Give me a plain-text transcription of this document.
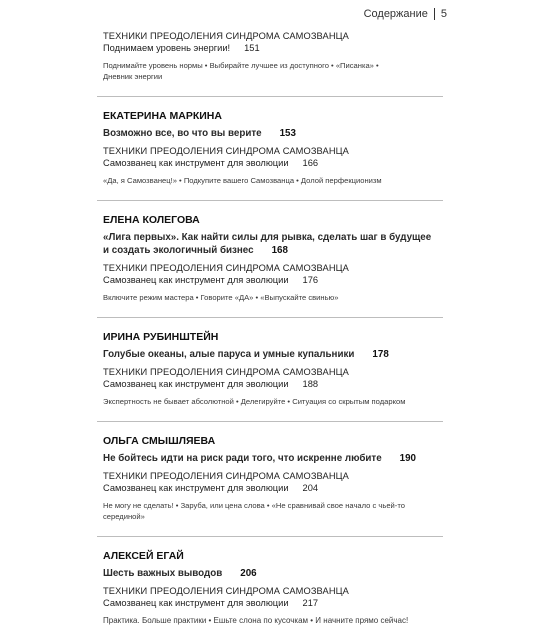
Содержание 5
ТЕХНИКИ ПРЕОДОЛЕНИЯ СИНДРОМА САМОЗВАНЦА
Поднимаем уровень энергии! 151
Поднимайте уровень нормы • Выбирайте лучшее из доступного • «Писанка» • Дневник энергии
ЕКАТЕРИНА МАРКИНА
Возможно все, во что вы верите 153
ТЕХНИКИ ПРЕОДОЛЕНИЯ СИНДРОМА САМОЗВАНЦА
Самозванец как инструмент для эволюции 166
«Да, я Самозванец!» • Подкупите вашего Самозванца • Долой перфекционизм
ЕЛЕНА КОЛЕГОВА
«Лига первых». Как найти силы для рывка, сделать шаг в будущее
и создать экологичный бизнес 168
ТЕХНИКИ ПРЕОДОЛЕНИЯ СИНДРОМА САМОЗВАНЦА
Самозванец как инструмент для эволюции 176
Включите режим мастера • Говорите «ДА» • «Выпускайте свинью»
ИРИНА РУБИНШТЕЙН
Голубые океаны, алые паруса и умные купальники 178
ТЕХНИКИ ПРЕОДОЛЕНИЯ СИНДРОМА САМОЗВАНЦА
Самозванец как инструмент для эволюции 188
Экспертность не бывает абсолютной • Делегируйте • Ситуация со скрытым подарком
ОЛЬГА СМЫШЛЯЕВА
Не бойтесь идти на риск ради того, что искренне любите 190
ТЕХНИКИ ПРЕОДОЛЕНИЯ СИНДРОМА САМОЗВАНЦА
Самозванец как инструмент для эволюции 204
Не могу не сделать! • Заруба, или цена слова • «Не сравнивай свое начало с чьей-то
серединой»
АЛЕКСЕЙ ЕГАЙ
Шесть важных выводов 206
ТЕХНИКИ ПРЕОДОЛЕНИЯ СИНДРОМА САМОЗВАНЦА
Самозванец как инструмент для эволюции 217
Практика. Больше практики • Ешьте слона по кусочкам • И начните прямо сейчас!
